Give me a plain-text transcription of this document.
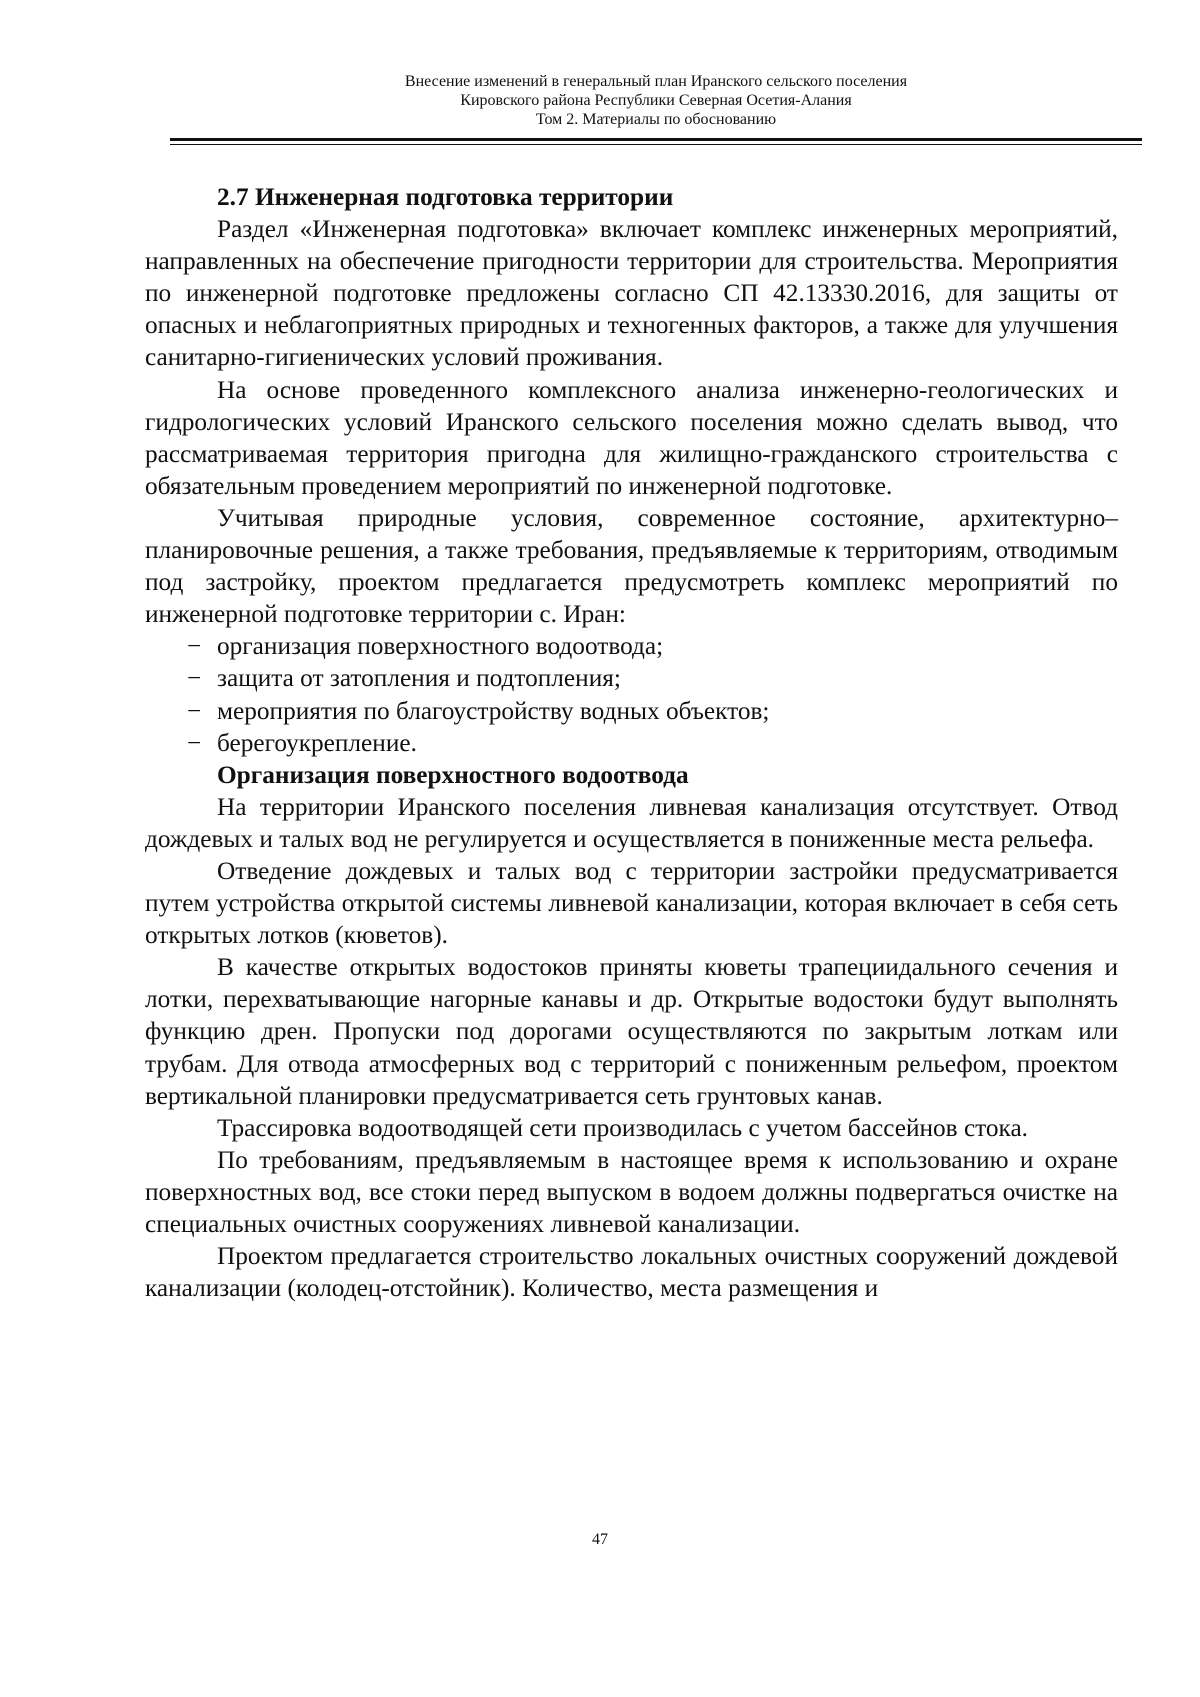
Внесение изменений в генеральный план Иранского сельского поселения
Кировского района Республики Северная Осетия-Алания
Том 2. Материалы по обоснованию

2.7 Инженерная подготовка территории

Раздел «Инженерная подготовка» включает комплекс инженерных мероприятий, направленных на обеспечение пригодности территории для строительства. Мероприятия по инженерной подготовке предложены согласно СП 42.13330.2016, для защиты от опасных и неблагоприятных природных и техногенных факторов, а также для улучшения санитарно-гигиенических условий проживания.

На основе проведенного комплексного анализа инженерно-геологических и гидрологических условий Иранского сельского поселения можно сделать вывод, что рассматриваемая территория пригодна для жилищно-гражданского строительства с обязательным проведением мероприятий по инженерной подготовке.

Учитывая природные условия, современное состояние, архитектурно–планировочные решения, а также требования, предъявляемые к территориям, отводимым под застройку, проектом предлагается предусмотреть комплекс мероприятий по инженерной подготовке территории с. Иран:

− организация поверхностного водоотвода;
− защита от затопления и подтопления;
− мероприятия по благоустройству водных объектов;
− берегоукрепление.

Организация поверхностного водоотвода

На территории Иранского поселения ливневая канализация отсутствует. Отвод дождевых и талых вод не регулируется и осуществляется в пониженные места рельефа.

Отведение дождевых и талых вод с территории застройки предусматривается путем устройства открытой системы ливневой канализации, которая включает в себя сеть открытых лотков (кюветов).

В качестве открытых водостоков приняты кюветы трапециидального сечения и лотки, перехватывающие нагорные канавы и др. Открытые водостоки будут выполнять функцию дрен. Пропуски под дорогами осуществляются по закрытым лоткам или трубам. Для отвода атмосферных вод с территорий с пониженным рельефом, проектом вертикальной планировки предусматривается сеть грунтовых канав.

Трассировка водоотводящей сети производилась с учетом бассейнов стока.

По требованиям, предъявляемым в настоящее время к использованию и охране поверхностных вод, все стоки перед выпуском в водоем должны подвергаться очистке на специальных очистных сооружениях ливневой канализации.

Проектом предлагается строительство локальных очистных сооружений дождевой канализации (колодец-отстойник). Количество, места размещения и

47
